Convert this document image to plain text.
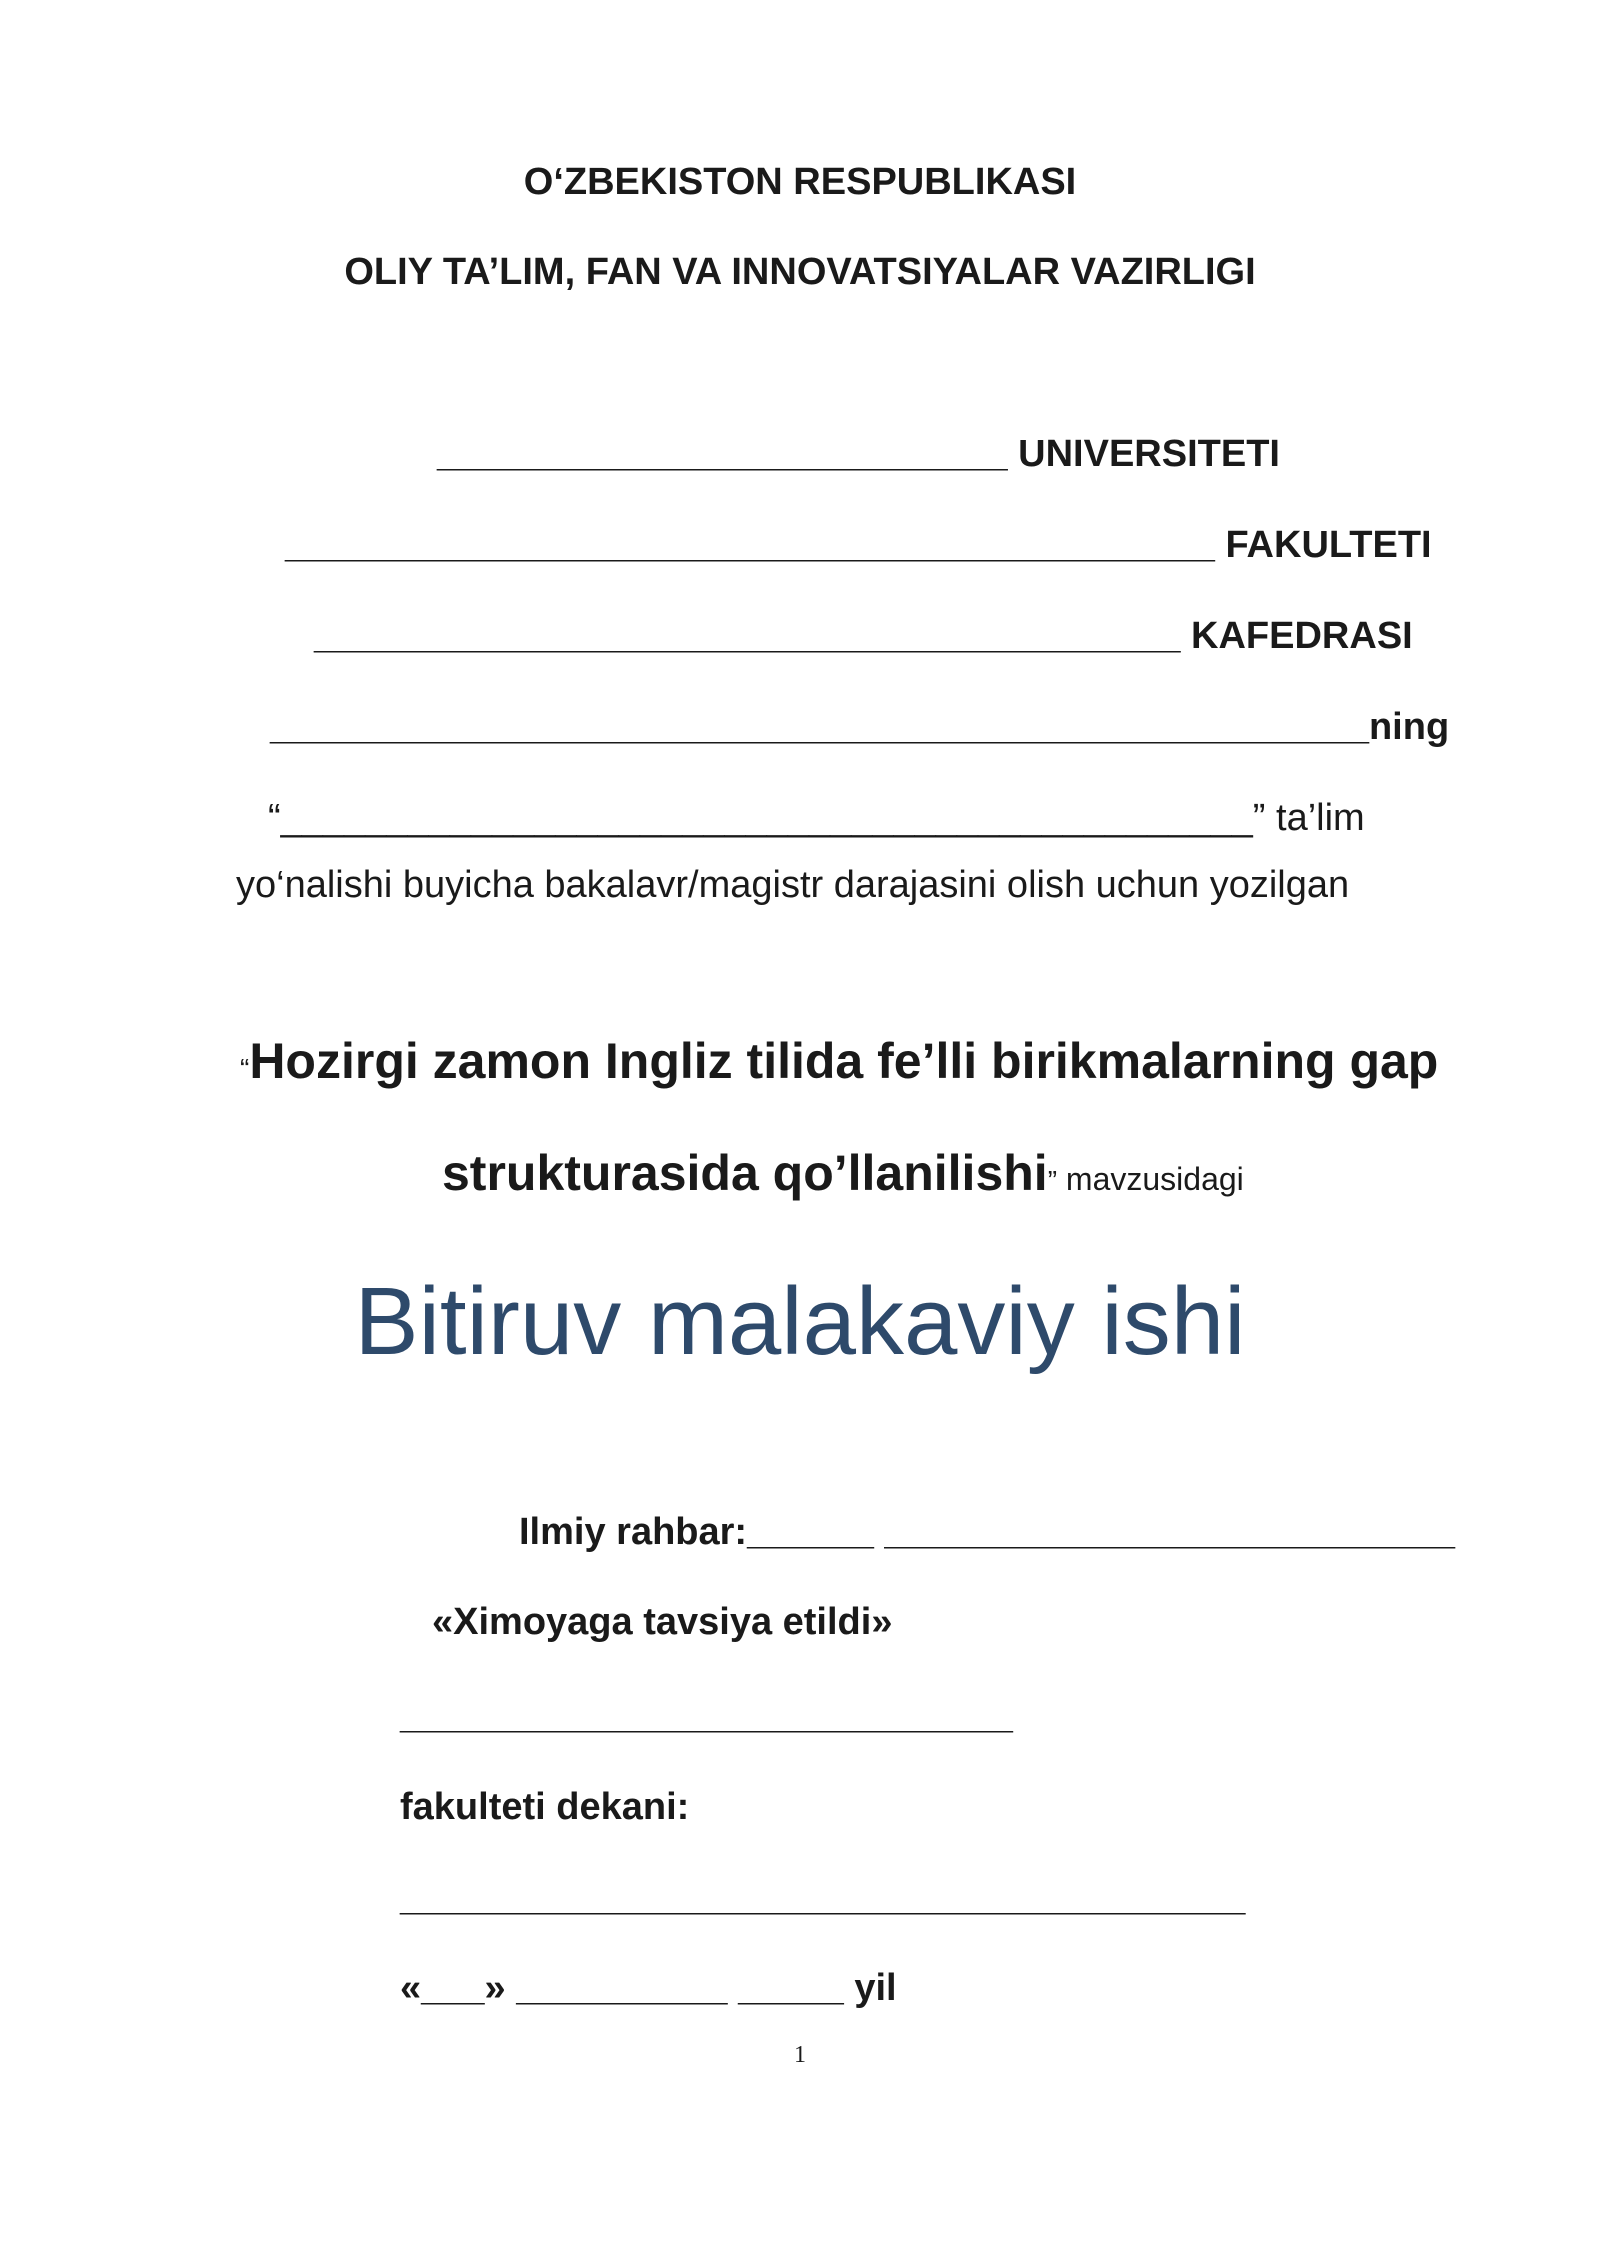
O‘ZBEKISTON RESPUBLIKASI
OLIY TA’LIM, FAN VA INNOVATSIYALAR VAZIRLIGI
___________________________ UNIVERSITETI
____________________________________________ FAKULTETI
_________________________________________ KAFEDRASI
____________________________________________________ning
“______________________________________________” ta’lim
yo‘nalishi buyicha bakalavr/magistr darajasini olish uchun yozilgan
“Hozirgi zamon Ingliz tilida fe’lli birikmalarning gap
strukturasida qo’llanilishi” mavzusidagi
Bitiruv malakaviy ishi
Ilmiy rahbar:______ ___________________________
«Ximoyaga tavsiya etildi»
_____________________________
fakulteti dekani:
________________________________________
«___» __________ _____ yil
1
